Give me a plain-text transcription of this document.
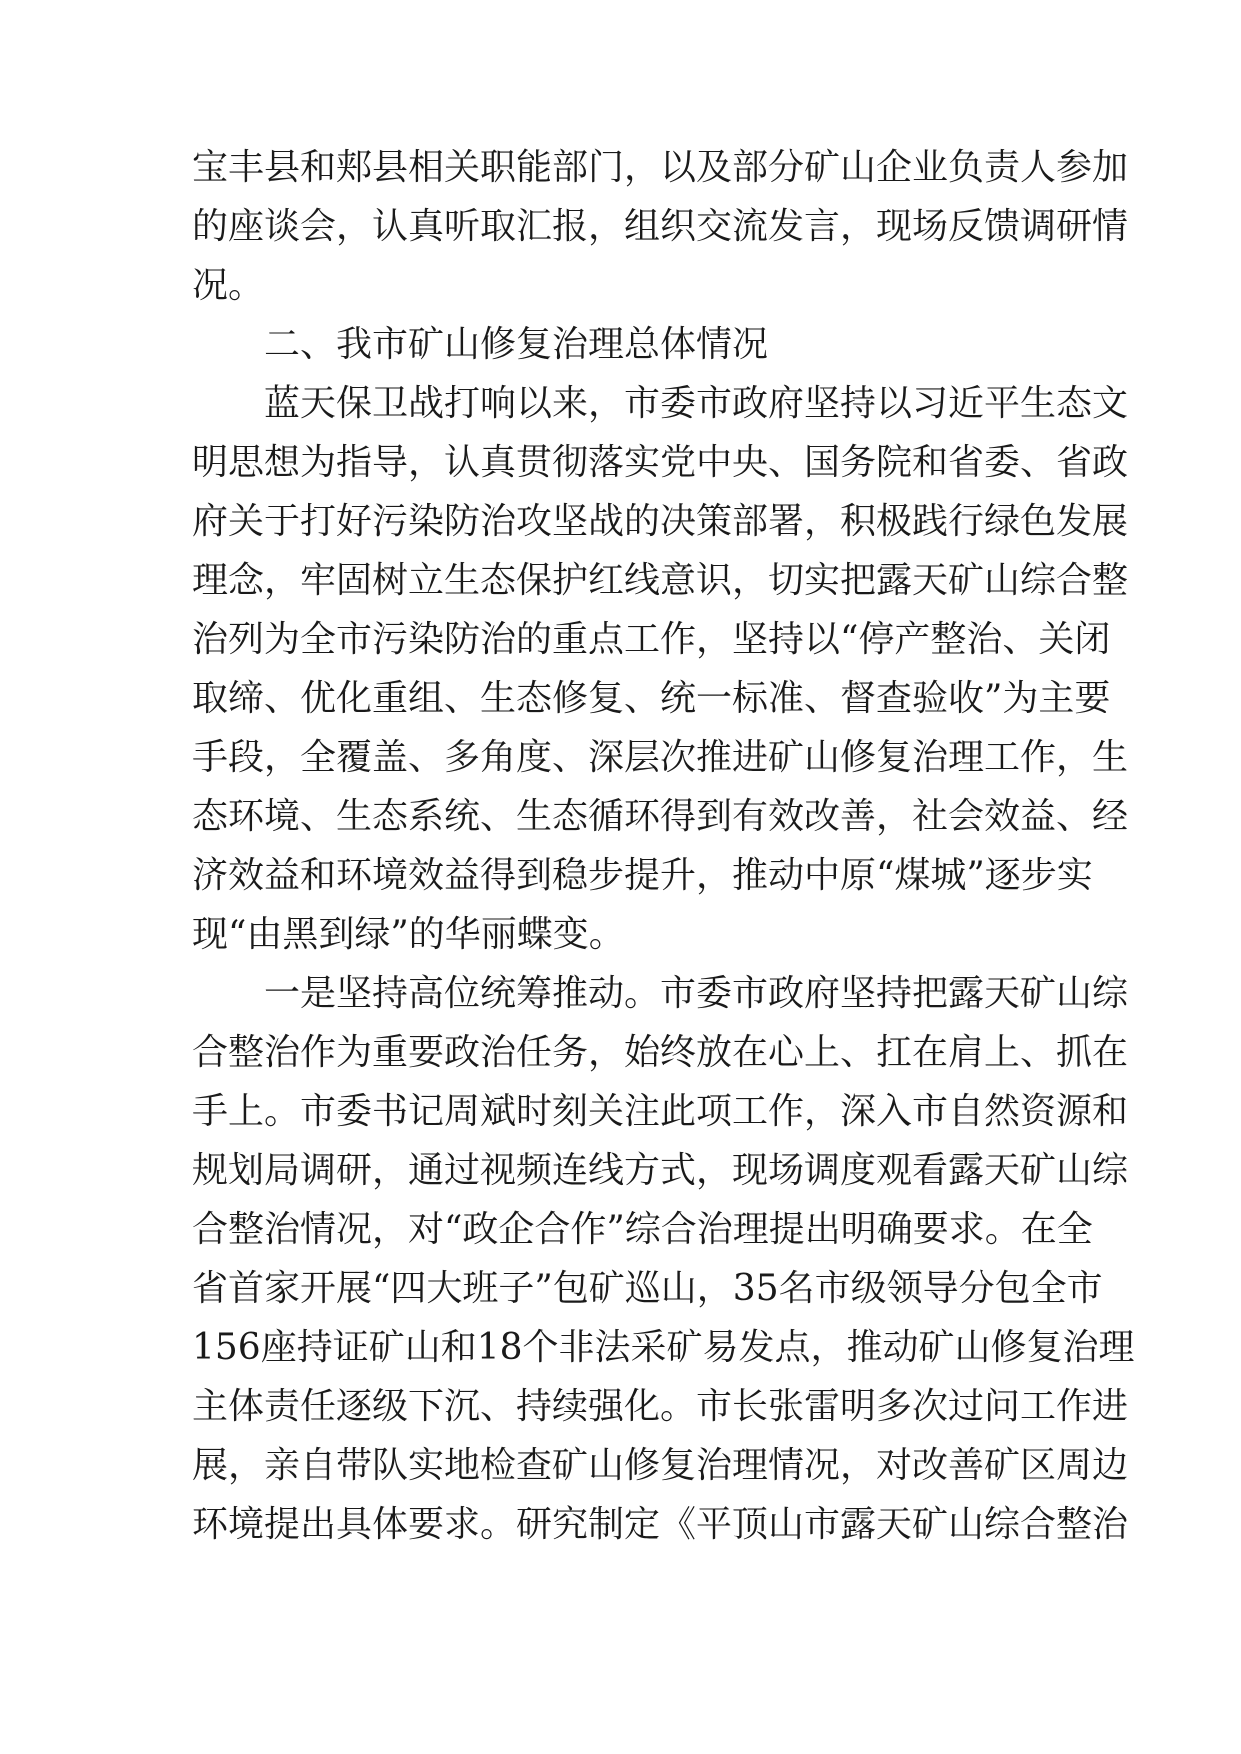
宝丰县和郏县相关职能部门，以及部分矿山企业负责人参加
的座谈会，认真听取汇报，组织交流发言，现场反馈调研情
况。
二、我市矿山修复治理总体情况
蓝天保卫战打响以来，市委市政府坚持以习近平生态文
明思想为指导，认真贯彻落实党中央、国务院和省委、省政
府关于打好污染防治攻坚战的决策部署，积极践行绿色发展
理念，牢固树立生态保护红线意识，切实把露天矿山综合整
治列为全市污染防治的重点工作，坚持以“停产整治、关闭
取缔、优化重组、生态修复、统一标准、督查验收”为主要
手段，全覆盖、多角度、深层次推进矿山修复治理工作，生
态环境、生态系统、生态循环得到有效改善，社会效益、经
济效益和环境效益得到稳步提升，推动中原“煤城”逐步实
现“由黑到绿”的华丽蝶变。
一是坚持高位统筹推动。市委市政府坚持把露天矿山综
合整治作为重要政治任务，始终放在心上、扛在肩上、抓在
手上。市委书记周斌时刻关注此项工作，深入市自然资源和
规划局调研，通过视频连线方式，现场调度观看露天矿山综
合整治情况，对“政企合作”综合治理提出明确要求。在全
省首家开展“四大班子”包矿巡山，35名市级领导分包全市
156座持证矿山和18个非法采矿易发点，推动矿山修复治理
主体责任逐级下沉、持续强化。市长张雷明多次过问工作进
展，亲自带队实地检查矿山修复治理情况，对改善矿区周边
环境提出具体要求。研究制定《平顶山市露天矿山综合整治
